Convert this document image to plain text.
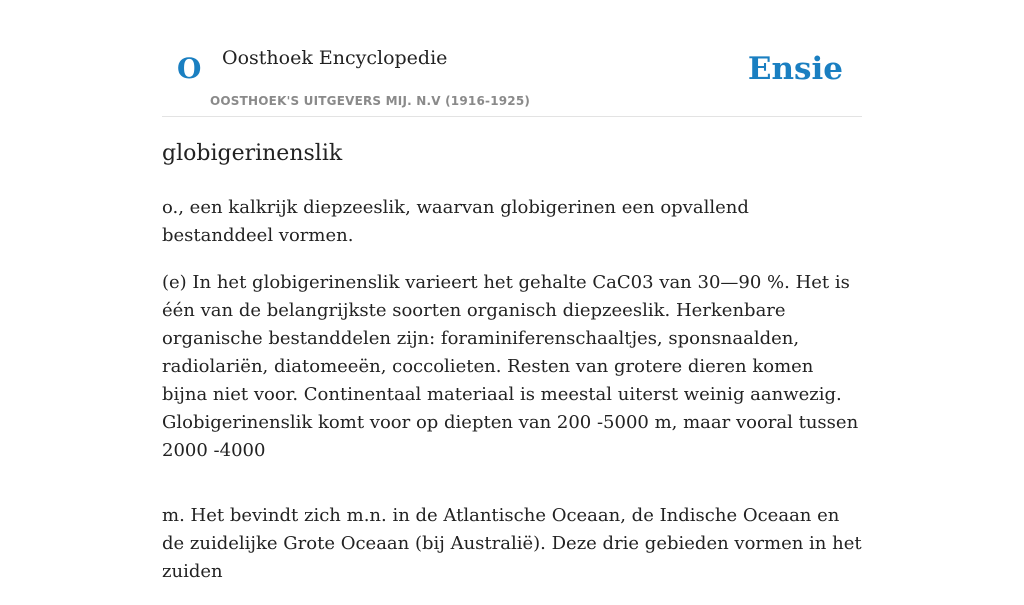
O Oosthoek Encyclopedie
OOSTHOEK'S UITGEVERS MIJ. N.V (1916-1925)
Ensie
globigerinenslik

o., een kalkrijk diepzeeslik, waarvan globigerinen een opvallend bestanddeel vormen.

(e) In het globigerinenslik varieert het gehalte CaC03 van 30—90 %. Het is één van de belangrijkste soorten organisch diepzeeslik. Herkenbare organische bestanddelen zijn: foraminiferenschaaltjes, sponsnaalden, radiolariën, diatomeeën, coccolieten. Resten van grotere dieren komen bijna niet voor. Continentaal materiaal is meestal uiterst weinig aanwezig. Globigerinenslik komt voor op diepten van 200 -5000 m, maar vooral tussen 2000 -4000

m. Het bevindt zich m.n. in de Atlantische Oceaan, de Indische Oceaan en de zuidelijke Grote Oceaan (bij Australië). Deze drie gebieden vormen in het zuiden
